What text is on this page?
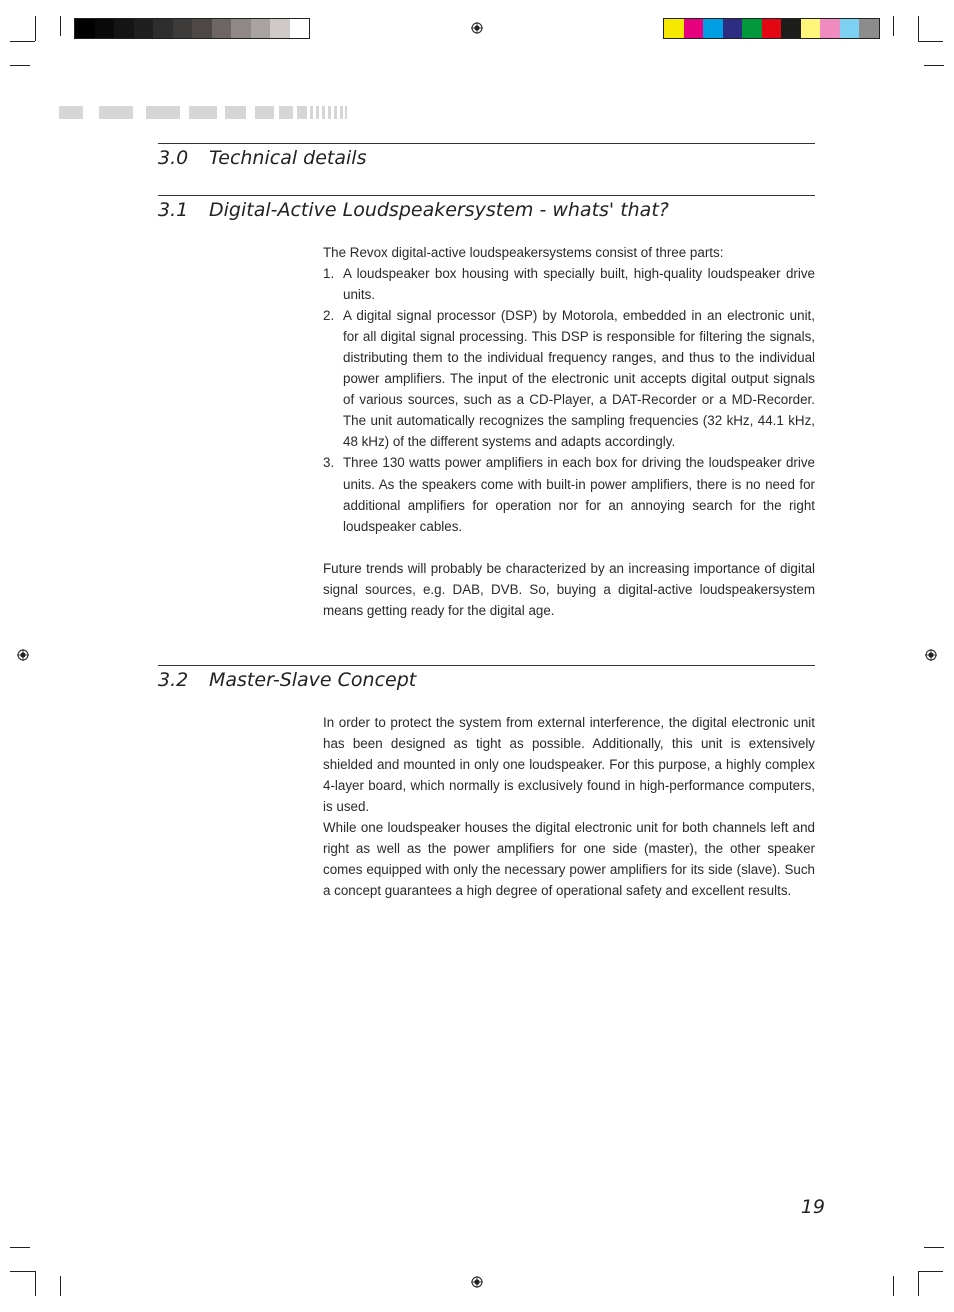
3.0 Technical details
3.1 Digital-Active Loudspeakersystem - whats' that?

The Revox digital-active loudspeakersystems consist of three parts:

1. A loudspeaker box housing with specially built, high-quality loudspeaker drive units.
2. A digital signal processor (DSP) by Motorola, embedded in an electronic unit, for all digital signal processing. This DSP is responsible for filtering the signals, distributing them to the individual frequency ranges, and thus to the individual power amplifiers. The input of the electronic unit accepts digital output signals of various sources, such as a CD-Player, a DAT-Recorder or a MD-Recorder. The unit automatically recognizes the sampling frequencies (32 kHz, 44.1 kHz, 48 kHz) of the different systems and adapts accordingly.
3. Three 130 watts power amplifiers in each box for driving the loudspeaker drive units. As the speakers come with built-in power amplifiers, there is no need for additional amplifiers for operation nor for an annoying search for the right loudspeaker cables.

Future trends will probably be characterized by an increasing importance of digital signal sources, e.g. DAB, DVB. So, buying a digital-active loudspeakersystem means getting ready for the digital age.

3.2 Master-Slave Concept

In order to protect the system from external interference, the digital electronic unit has been designed as tight as possible. Additionally, this unit is extensively shielded and mounted in only one loudspeaker. For this purpose, a highly complex 4-layer board, which normally is exclusively found in high-performance computers, is used.

While one loudspeaker houses the digital electronic unit for both channels left and right as well as the power amplifiers for one side (master), the other speaker comes equipped with only the necessary power amplifiers for its side (slave). Such a concept guarantees a high degree of operational safety and excellent results.

19
